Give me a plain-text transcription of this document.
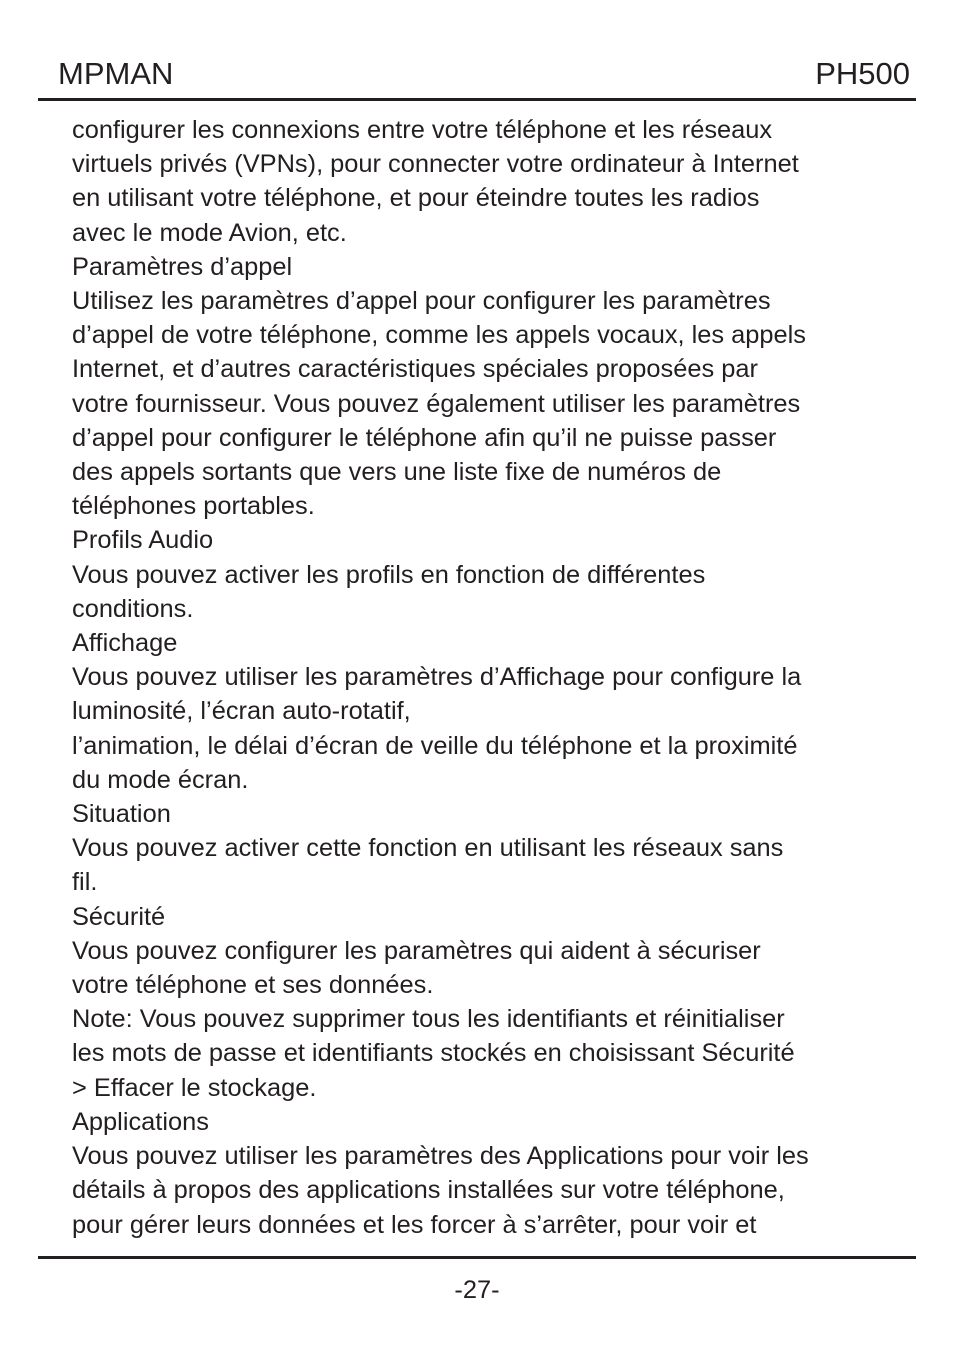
MPMAN	PH500
configurer les connexions entre votre téléphone et les réseaux
virtuels privés (VPNs), pour connecter votre ordinateur à Internet
en utilisant votre téléphone, et pour éteindre toutes les radios
avec le mode Avion, etc.
Paramètres d’appel
Utilisez les paramètres d’appel pour configurer les paramètres
d’appel de votre téléphone, comme les appels vocaux, les appels
Internet, et d’autres caractéristiques spéciales proposées par
votre fournisseur. Vous pouvez également utiliser les paramètres
d’appel pour configurer le téléphone afin qu’il ne puisse passer
des appels sortants que vers une liste fixe de numéros de
téléphones portables.
Profils Audio
Vous pouvez activer les profils en fonction de différentes
conditions.
Affichage
Vous pouvez utiliser les paramètres d’Affichage pour configure la
luminosité, l’écran auto-rotatif,
l’animation, le délai d’écran de veille du téléphone et la proximité
du mode écran.
Situation
Vous pouvez activer cette fonction en utilisant les réseaux sans
fil.
Sécurité
Vous pouvez configurer les paramètres qui aident à sécuriser
votre téléphone et ses données.
Note: Vous pouvez supprimer tous les identifiants et réinitialiser
les mots de passe et identifiants stockés en choisissant Sécurité
> Effacer le stockage.
Applications
Vous pouvez utiliser les paramètres des Applications pour voir les
détails à propos des applications installées sur votre téléphone,
pour gérer leurs données et les forcer à s’arrêter, pour voir et
-27-
